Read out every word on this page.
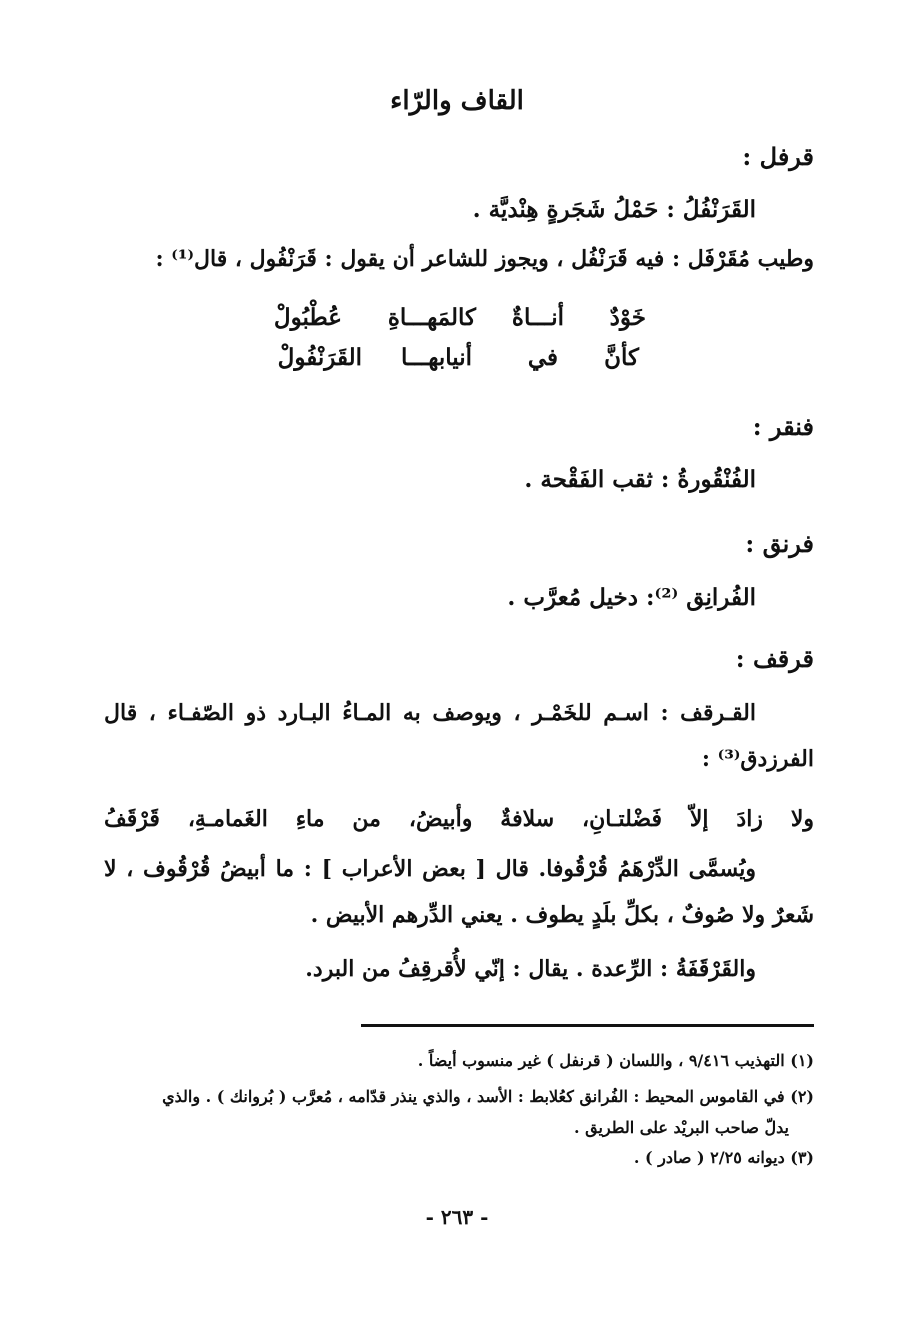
القاف والرّاء
قرفل :
القَرَنْفُلُ : حَمْلُ شَجَرةٍ هِنْديَّة .
وطيب مُقَرْفَل : فيه قَرَنْفُل ، ويجوز للشاعر أن يقول : قَرَنْفُول ، قال⁽¹⁾ :
خَوْدٌ
أنـــاةٌ
كالمَهـــاةِ
عُطْبُولْ
كأنَّ
في
أنيابهـــا
القَرَنْفُولْ
فنقر :
الفُنْقُورةُ : ثقب الفَقْحة .
فرنق :
الفُرانِق ⁽²⁾: دخيل مُعرَّب .
قرقف :
القـرقف : اسـم للخَمْـر ، ويوصف به المـاءُ البـارد ذو الصّفـاء ، قال
الفرزدق⁽³⁾ :
ولا زادَ إلاّ فَضْلتـانِ، سلافةٌ وأبيضُ، من ماءِ الغَمامـةِ، قَرْقَفُ
ويُسمَّى الدِّرْهَمُ قُرْقُوفا. قال [ بعض الأعراب ] : ما أبيضُ قُرْقُوف ، لا
شَعرٌ ولا صُوفٌ ، بكلِّ بلَدٍ يطوف . يعني الدِّرهم الأبيض .
والقَرْقَفَةُ : الرِّعدة . يقال : إنّي لأُقرقِفُ من البرد.
(١) التهذيب ٩/٤١٦ ، واللسان ( قرنفل ) غير منسوب أيضاً .
(٢) في القاموس المحيط : الفُرانق كعُلابط : الأسد ، والذي ينذر قدّامه ، مُعرَّب ( بُروانك ) . والذي
يدلّ صاحب البريْد على الطريق .
(٣) ديوانه ٢/٢٥ ( صادر ) .
- ٢٦٣ -
